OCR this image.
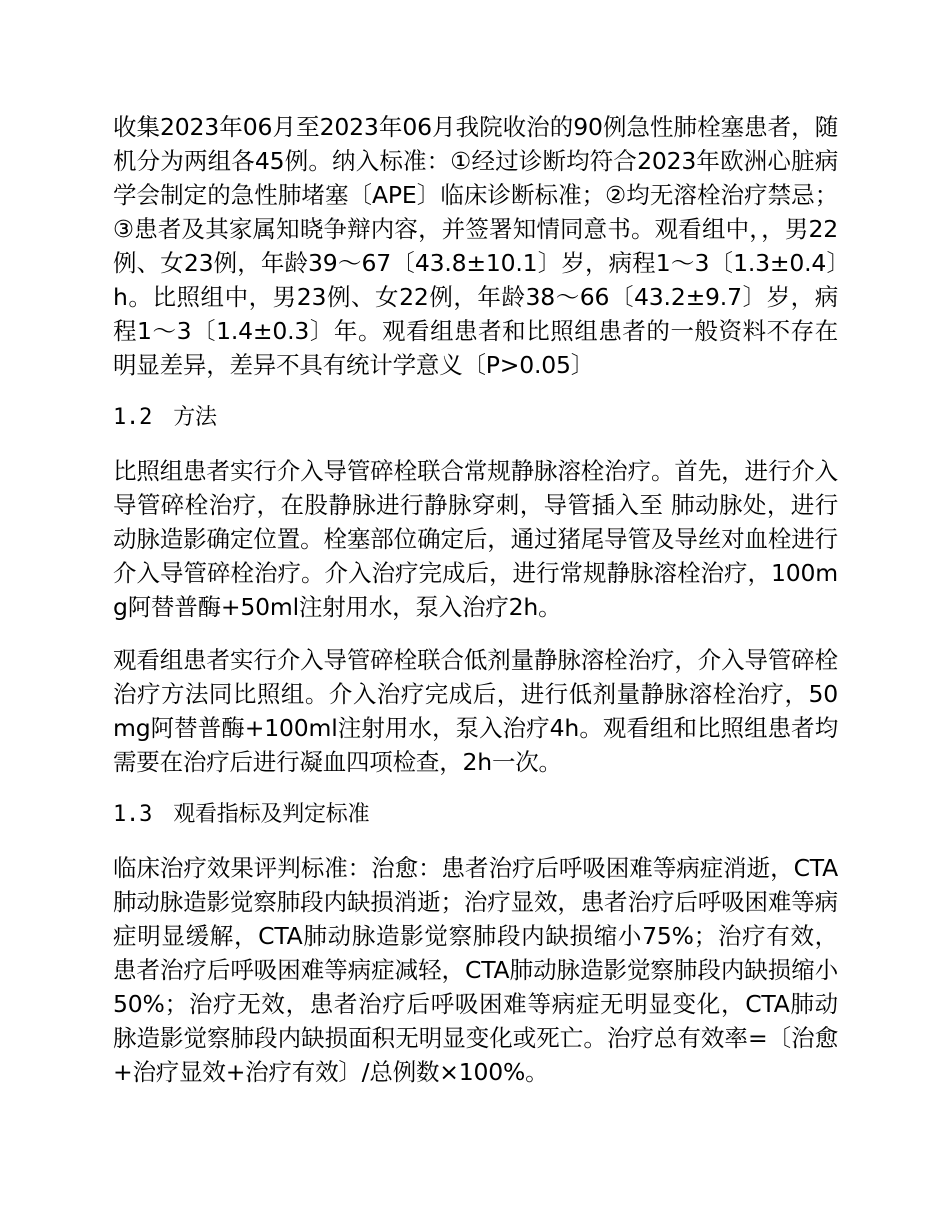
收集2023年06月至2023年06月我院收治的90例急性肺栓塞患者，随机分为两组各45例。纳入标准：①经过诊断均符合2023年欧洲心脏病学会制定的急性肺堵塞〔APE〕临床诊断标准；②均无溶栓治疗禁忌；③患者及其家属知晓争辩内容，并签署知情同意书。观看组中，，男22例、女23例，年龄39～67〔43.8±10.1〕岁，病程1～3〔1.3±0.4〕h。比照组中，男23例、女22例，年龄38～66〔43.2±9.7〕岁，病程1～3〔1.4±0.3〕年。观看组患者和比照组患者的一般资料不存在明显差异，差异不具有统计学意义〔P>0.05〕

1.2 方法

比照组患者实行介入导管碎栓联合常规静脉溶栓治疗。首先，进行介入导管碎栓治疗，在股静脉进行静脉穿刺，导管插入至 肺动脉处，进行动脉造影确定位置。栓塞部位确定后，通过猪尾导管及导丝对血栓进行介入导管碎栓治疗。介入治疗完成后，进行常规静脉溶栓治疗，100mg阿替普酶+50ml注射用水，泵入治疗2h。

观看组患者实行介入导管碎栓联合低剂量静脉溶栓治疗，介入导管碎栓治疗方法同比照组。介入治疗完成后，进行低剂量静脉溶栓治疗，50mg阿替普酶+100ml注射用水，泵入治疗4h。观看组和比照组患者均需要在治疗后进行凝血四项检查，2h一次。

1.3 观看指标及判定标准

临床治疗效果评判标准：治愈：患者治疗后呼吸困难等病症消逝，CTA肺动脉造影觉察肺段内缺损消逝；治疗显效，患者治疗后呼吸困难等病症明显缓解，CTA肺动脉造影觉察肺段内缺损缩小75%；治疗有效，患者治疗后呼吸困难等病症减轻，CTA肺动脉造影觉察肺段内缺损缩小50%；治疗无效，患者治疗后呼吸困难等病症无明显变化，CTA肺动脉造影觉察肺段内缺损面积无明显变化或死亡。治疗总有效率=〔治愈+治疗显效+治疗有效〕/总例数×100%。
